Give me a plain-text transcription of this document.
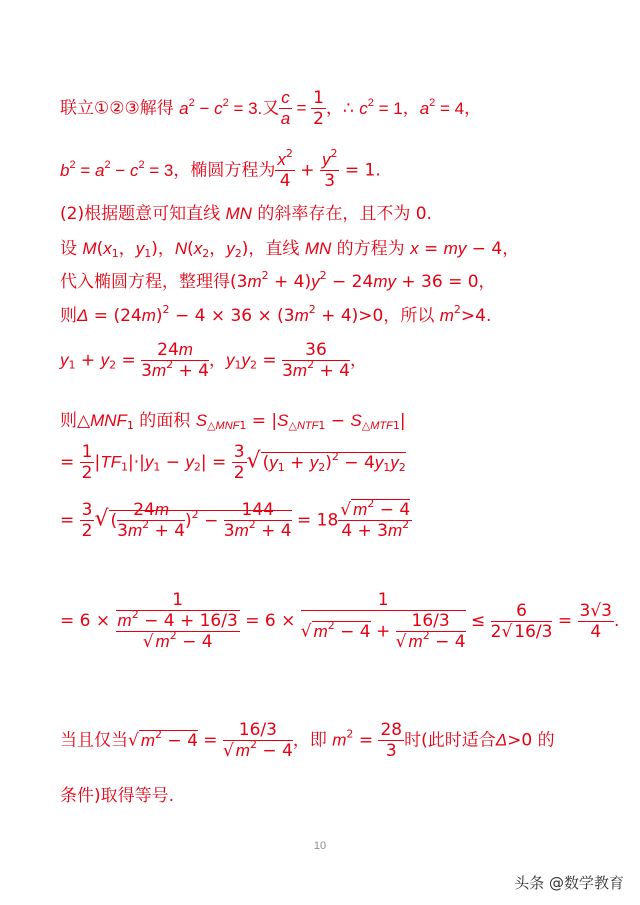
联立①②③解得 $a^2 - c^2 = 3$.又 $\frac{c}{a} = \frac{1}{2}$ ，∴ $c^2 = 1$，$a^2 = 4$，
$b^2 = a^2 - c^2 = 3$，椭圆方程为 $\frac{x^2}{4} + \frac{y^2}{3} = 1$.
(2)根据题意可知直线 MN 的斜率存在，且不为 0.
设 $M(x_1$，$y_1$)，$N(x_2$，$y_2$)，直线 MN 的方程为 x = my − 4，
代入椭圆方程，整理得$(3m^2 + 4)y^2 - 24my + 36 = 0$，
则$\Delta = (24m)^2 - 4 \times 36 \times (3m^2 + 4)>0$，所以 $m^2>4$.
$y_1 + y_2 = \frac{24m}{3m^2 + 4}$ ，$y_1y_2 = \frac{36}{3m^2 + 4}$ ，
则$\triangle MNF_1$ 的面积 $S_{\triangle MNF1} = |S_{\triangle NTF1} - S_{\triangle MTF1}|$
= $\frac{1}{2} |TF_1|\cdot|y_1 - y_2| = \frac{3}{2}$ √ $(y_1 + y_2)^2 - 4y_1y_2$
= $\frac{3}{2}$ √ ( $\frac{24m}{3m^2 + 4} )^2 - \frac{144}{3m^2 + 4} = 18 \frac{√ m^2 - 4}{4 + 3m^2}$
= $6 \times \frac{1}{\frac{m^2 - 4 + 16/3}{√ m^2 - 4}} = 6 \times \frac{1}{√ m^2 - 4 + \frac{16/3}{√ m^2 - 4}} \le \frac{6}{2√ 16/3} = \frac{3√3}{4}$ .
当且仅当√ $m^2 - 4 = \frac{16/3}{√ m^2 - 4}$ ，即 $m^2 = \frac{28}{3}$ 时(此时适合Δ>0 的
条件)取得等号.
10
头条 @数学教育
